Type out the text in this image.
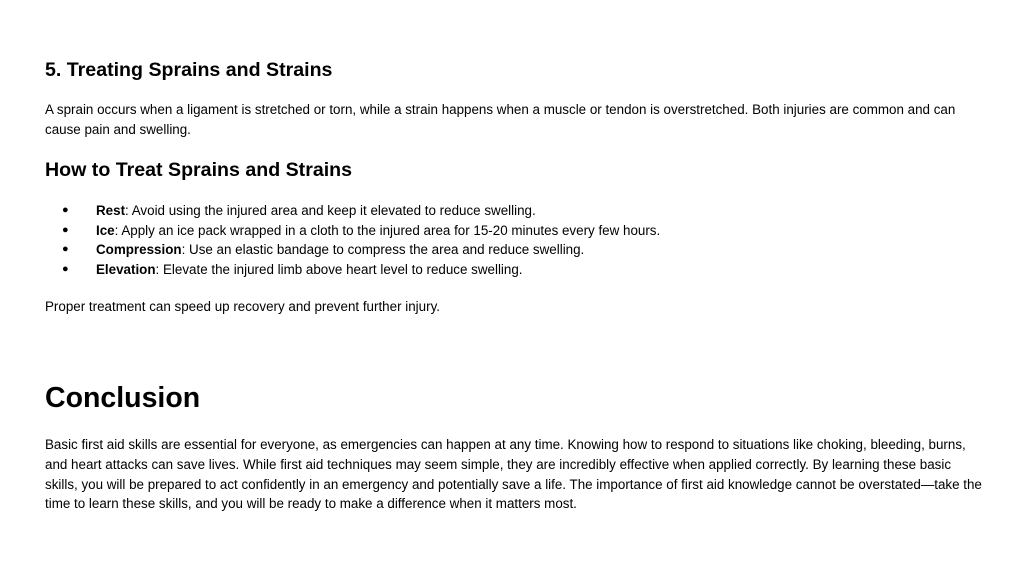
5. Treating Sprains and Strains

A sprain occurs when a ligament is stretched or torn, while a strain happens when a muscle or tendon is overstretched. Both injuries are common and can cause pain and swelling.

How to Treat Sprains and Strains
● Rest: Avoid using the injured area and keep it elevated to reduce swelling.
● Ice: Apply an ice pack wrapped in a cloth to the injured area for 15-20 minutes every few hours.
● Compression: Use an elastic bandage to compress the area and reduce swelling.
● Elevation: Elevate the injured limb above heart level to reduce swelling.

Proper treatment can speed up recovery and prevent further injury.

Conclusion

Basic first aid skills are essential for everyone, as emergencies can happen at any time. Knowing how to respond to situations like choking, bleeding, burns, and heart attacks can save lives. While first aid techniques may seem simple, they are incredibly effective when applied correctly. By learning these basic skills, you will be prepared to act confidently in an emergency and potentially save a life. The importance of first aid knowledge cannot be overstated—take the time to learn these skills, and you will be ready to make a difference when it matters most.
